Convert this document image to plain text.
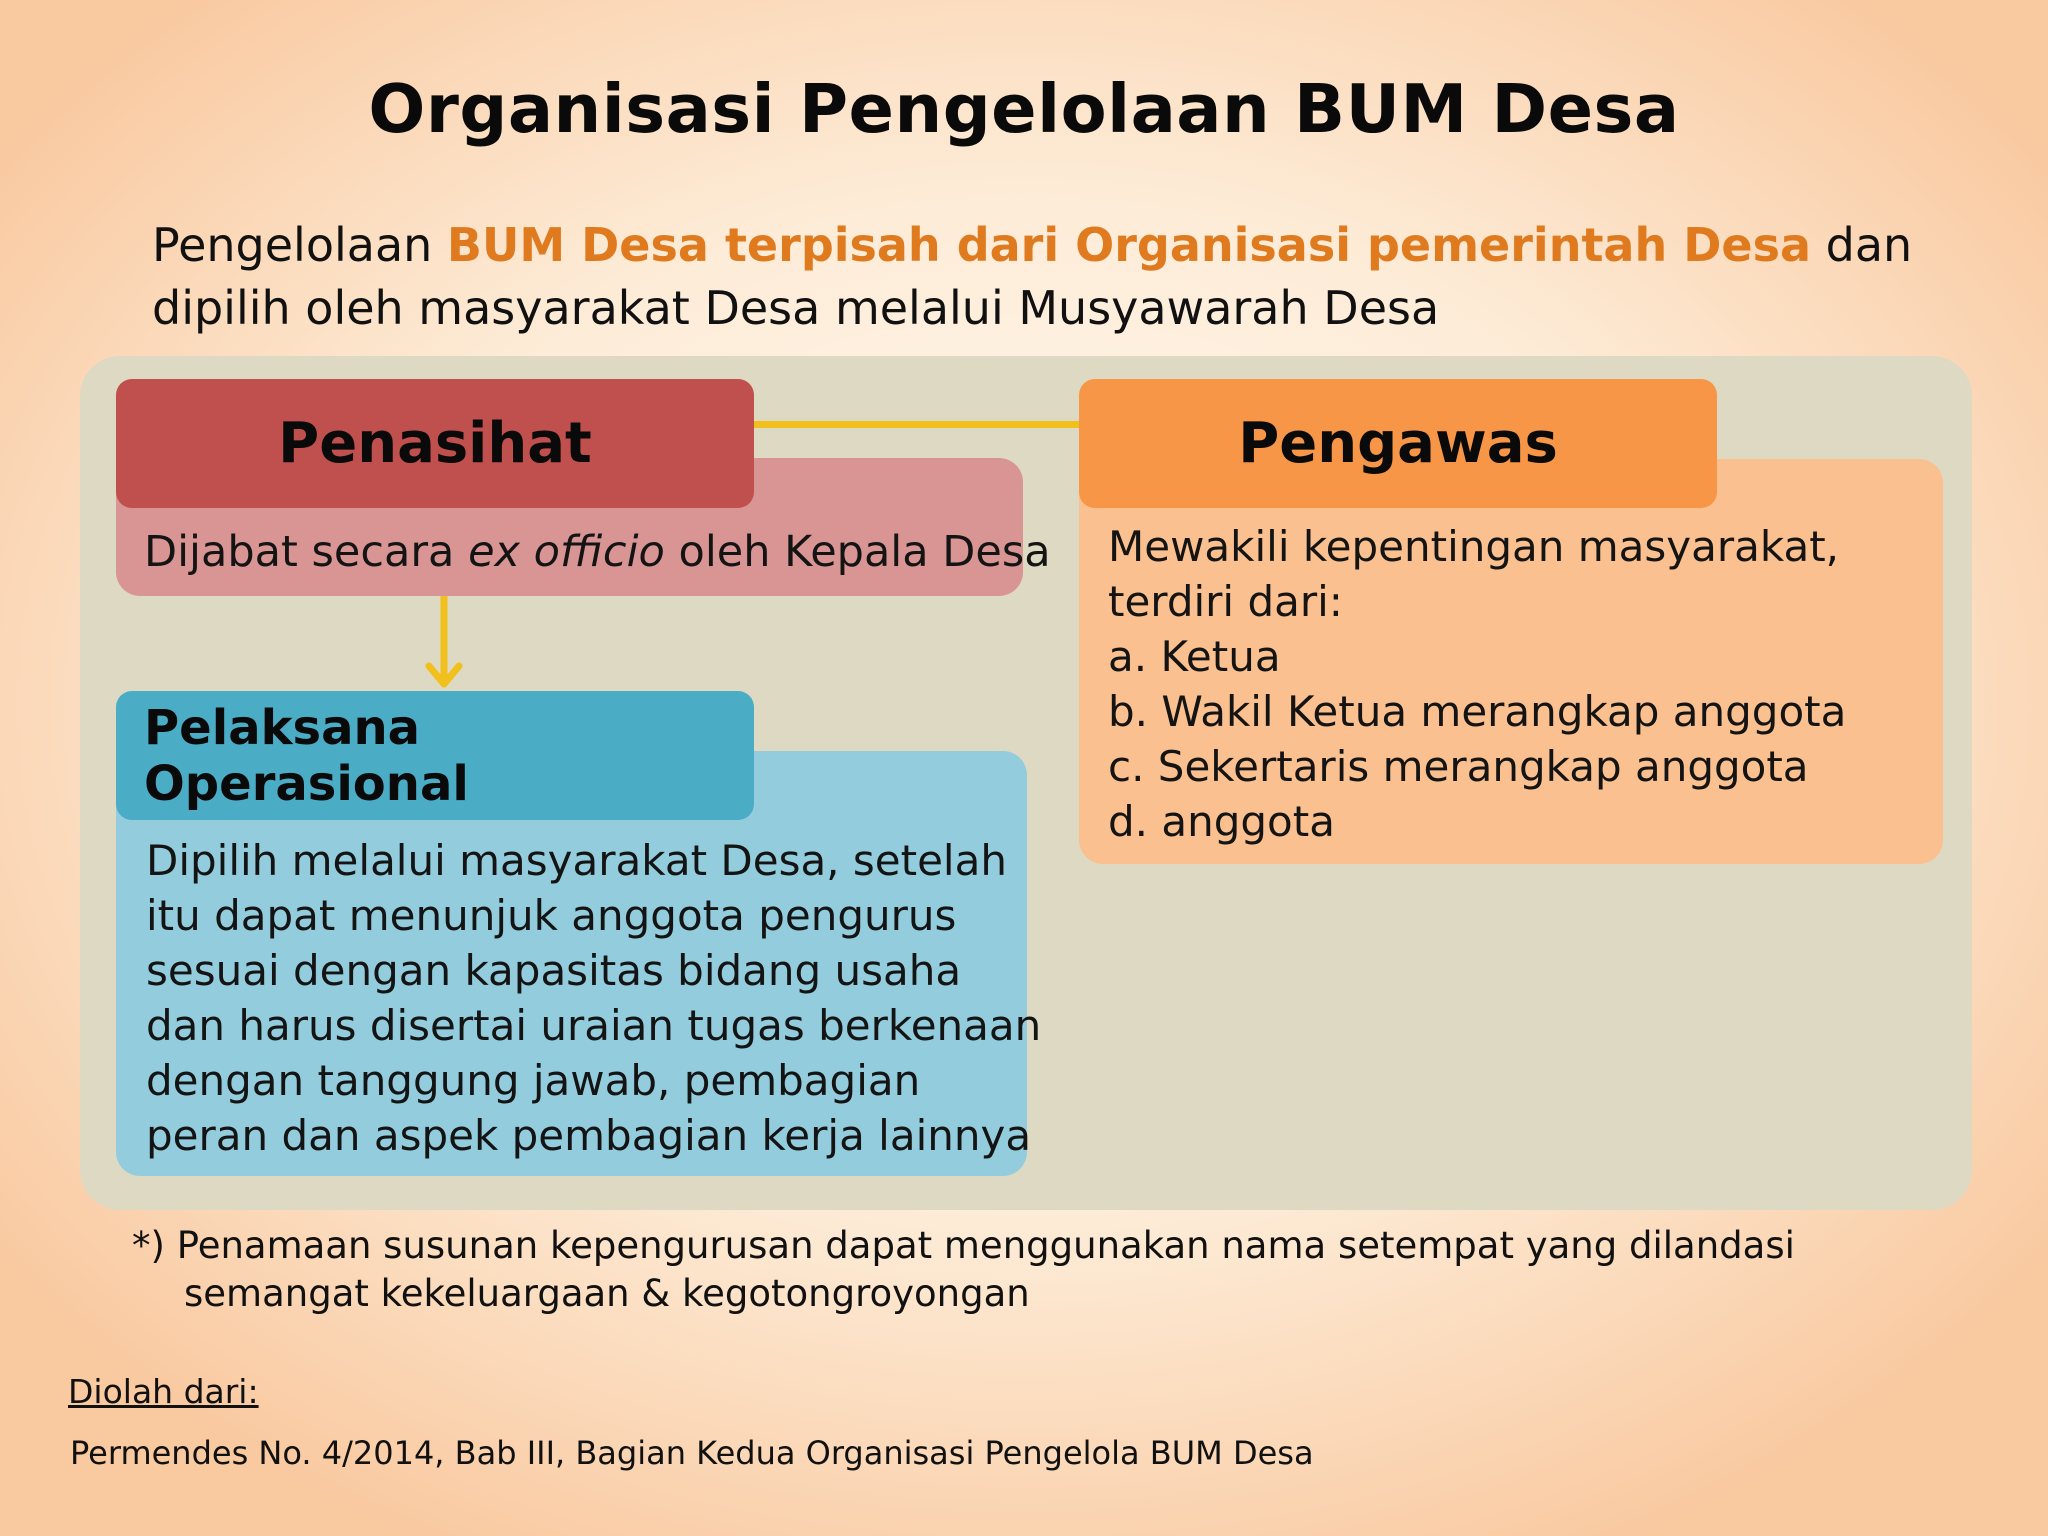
Organisasi Pengelolaan BUM Desa
Pengelolaan BUM Desa terpisah dari Organisasi pemerintah Desa dan
dipilih oleh masyarakat Desa melalui Musyawarah Desa
Penasihat
Dijabat secara ex officio oleh Kepala Desa
Pelaksana Operasional
Dipilih melalui masyarakat Desa, setelah
itu dapat menunjuk anggota pengurus
sesuai dengan kapasitas bidang usaha
dan harus disertai uraian tugas berkenaan
dengan tanggung jawab, pembagian
peran dan aspek pembagian kerja lainnya
Pengawas
Mewakili kepentingan masyarakat,
terdiri dari:
a. Ketua
b. Wakil Ketua merangkap anggota
c. Sekertaris merangkap anggota
d. anggota
*) Penamaan susunan kepengurusan dapat menggunakan nama setempat yang dilandasi
semangat kekeluargaan & kegotongroyongan
Diolah dari:
Permendes No. 4/2014, Bab III, Bagian Kedua Organisasi Pengelola BUM Desa
